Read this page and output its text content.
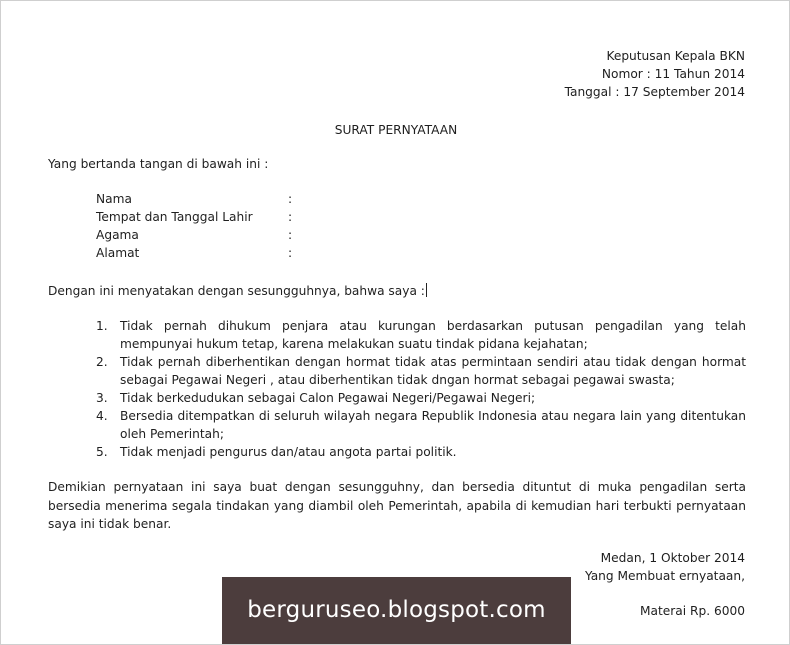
Keputusan Kepala BKN
Nomor : 11 Tahun 2014
Tanggal : 17 September 2014
SURAT PERNYATAAN
Yang bertanda tangan di bawah ini :
Nama	:
Tempat dan Tanggal Lahir	:
Agama	:
Alamat	:
Dengan ini menyatakan dengan sesungguhnya, bahwa saya :
1. Tidak pernah dihukum penjara atau kurungan berdasarkan putusan pengadilan yang telah mempunyai hukum tetap, karena melakukan suatu tindak pidana kejahatan;
2. Tidak pernah diberhentikan dengan hormat tidak atas permintaan sendiri atau tidak dengan hormat sebagai Pegawai Negeri , atau diberhentikan tidak dngan hormat sebagai pegawai swasta;
3. Tidak berkedudukan sebagai Calon Pegawai Negeri/Pegawai Negeri;
4. Bersedia ditempatkan di seluruh wilayah negara Republik Indonesia atau negara lain yang ditentukan oleh Pemerintah;
5. Tidak menjadi pengurus dan/atau angota partai politik.
Demikian pernyataan ini saya buat dengan sesungguhny, dan bersedia dituntut di muka pengadilan serta bersedia menerima segala tindakan yang diambil oleh Pemerintah, apabila di kemudian hari terbukti pernyataan saya ini tidak benar.
Medan, 1 Oktober 2014
Yang Membuat ernyataan,
Materai Rp. 6000
berguruseo.blogspot.com
